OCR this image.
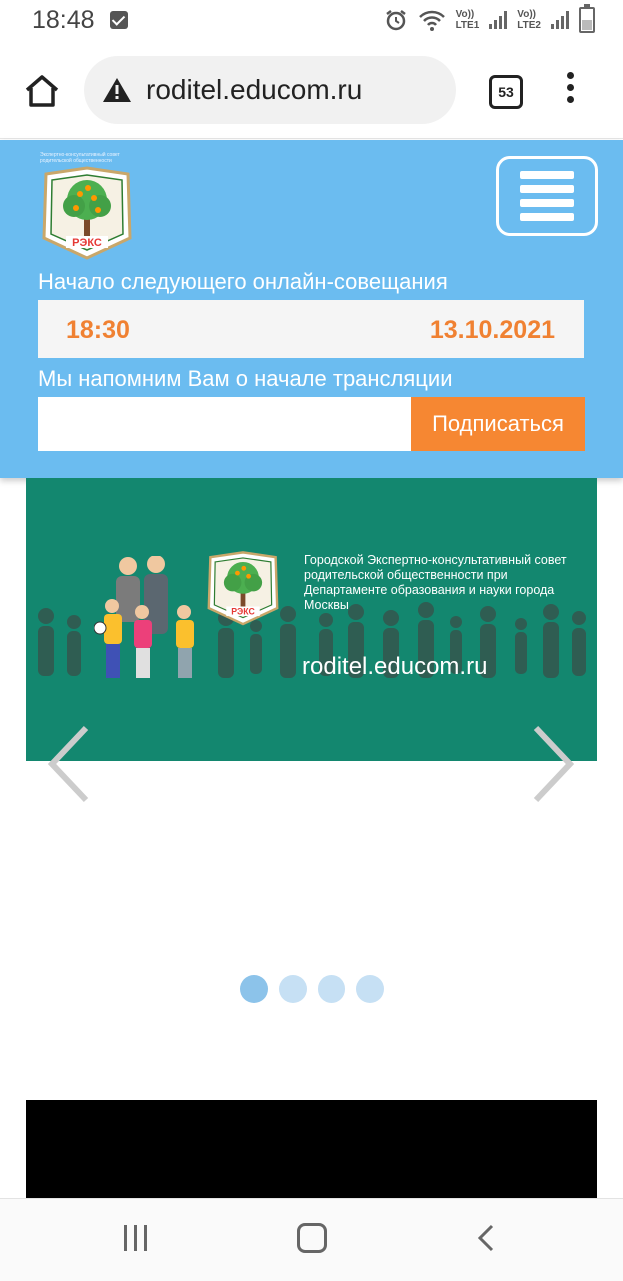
18:48	Vo))
LTE1
Vo))
LTE2
roditel.educom.ru	53
Экспертно-консультативный совет родительской общественности
РЭКС
Начало следующего онлайн-совещания
18:30	13.10.2021
Мы напомним Вам о начале трансляции
Подписаться
РЭКС
Городской Экспертно-консультативный совет родительской общественности при Департаменте образования и науки города Москвы
roditel.educom.ru
